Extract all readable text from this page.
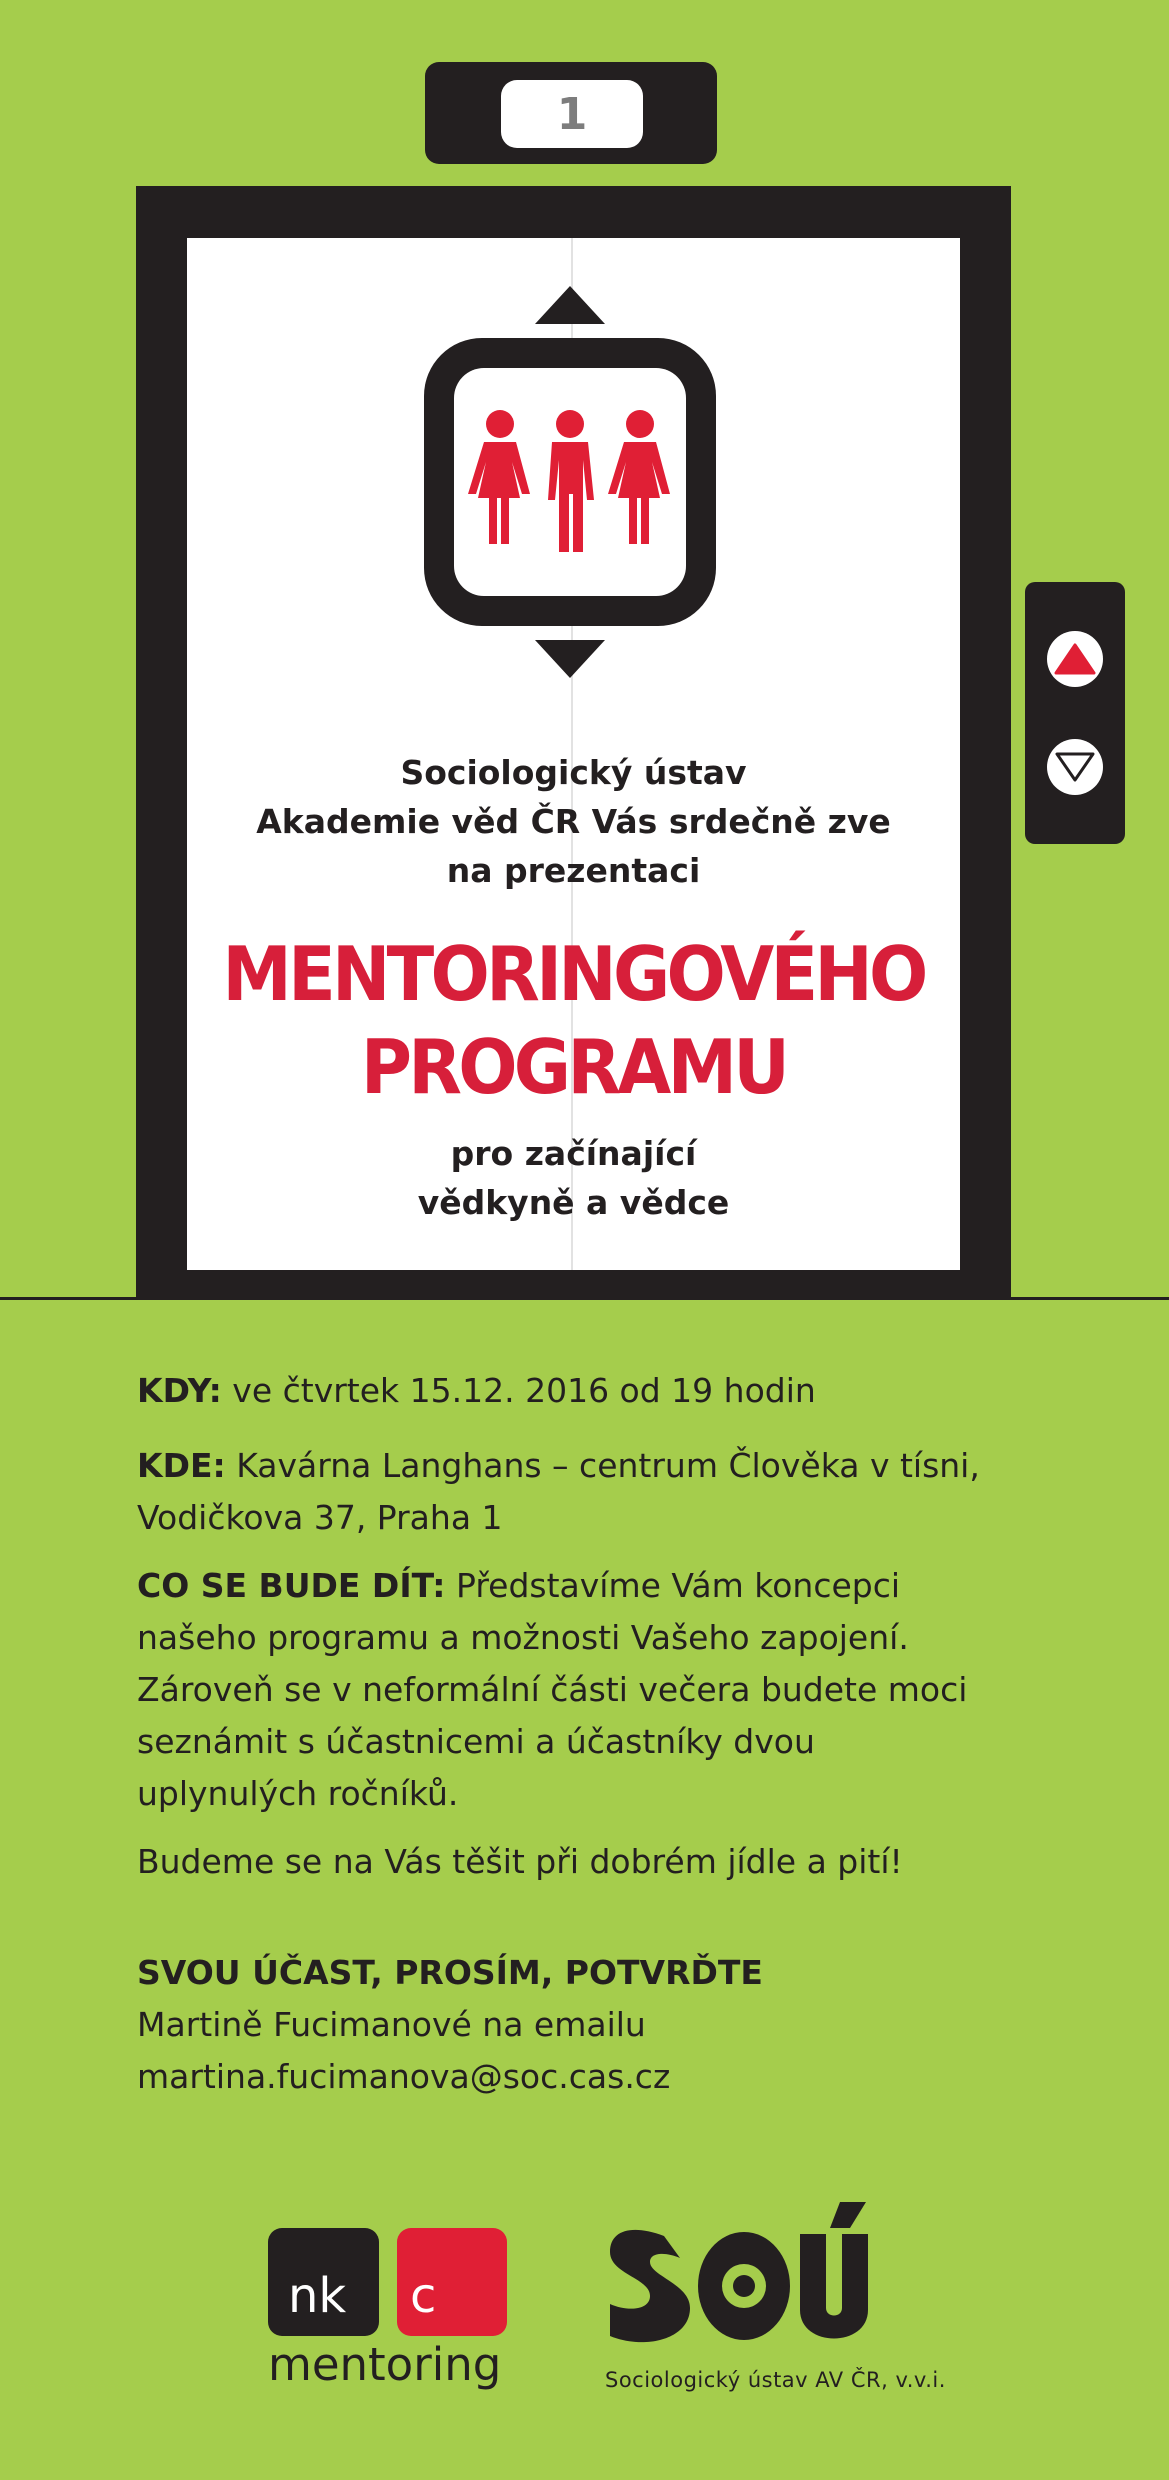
1
Sociologický ústav
Akademie věd ČR Vás srdečně zve
na prezentaci
MENTORINGOVÉHO
PROGRAMU
pro začínající
vědkyně a vědce

KDY: ve čtvrtek 15.12. 2016 od 19 hodin

KDE: Kavárna Langhans – centrum Člověka v tísni,
Vodičkova 37, Praha 1

CO SE BUDE DÍT: Představíme Vám koncepci
našeho programu a možnosti Vašeho zapojení.
Zároveň se v neformální části večera budete moci
seznámit s účastnicemi a účastníky dvou
uplynulých ročníků.

Budeme se na Vás těšit při dobrém jídle a pití!

SVOU ÚČAST, PROSÍM, POTVRĎTE
Martině Fucimanové na emailu
martina.fucimanova@soc.cas.cz

nk c
mentoring	Sociologický ústav AV ČR, v.v.i.
